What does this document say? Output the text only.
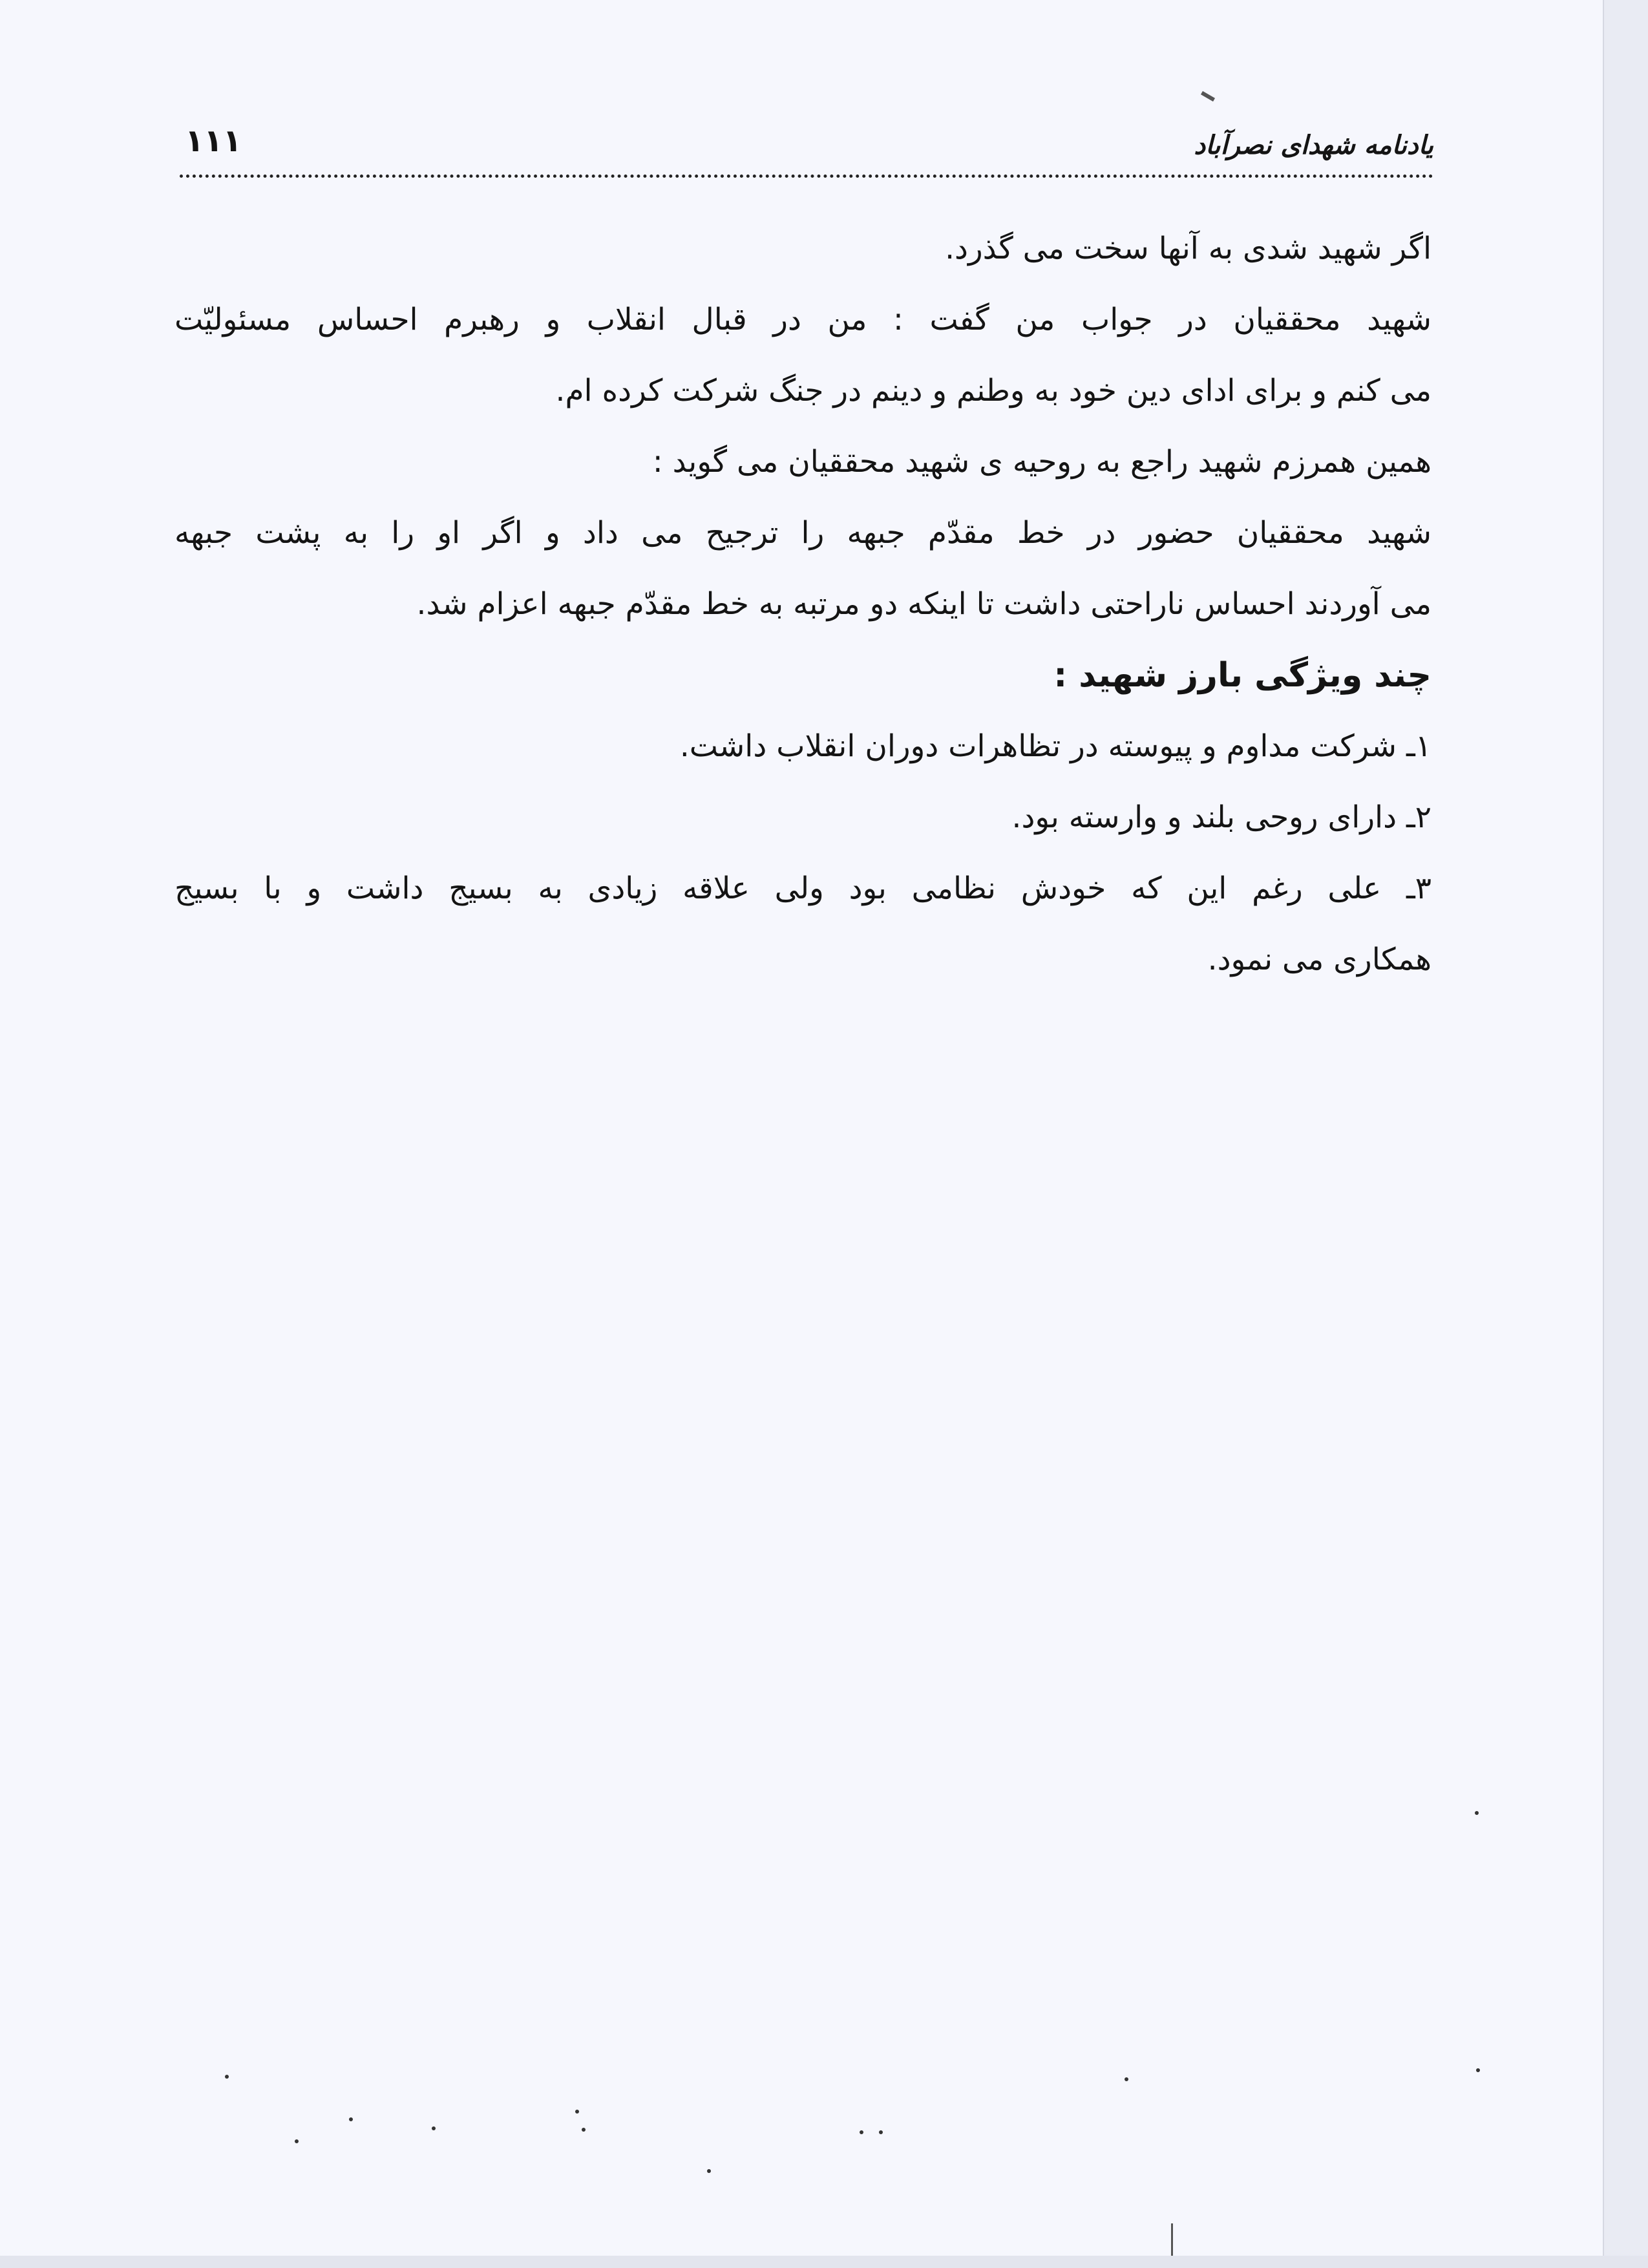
یادنامه شهدای نصرآباد
۱۱۱

اگر شهید شدی به آنها سخت می گذرد.

شهید محققیان در جواب من گفت : من در قبال انقلاب و رهبرم احساس مسئولیّت

می کنم و برای ادای دین خود به وطنم و دینم در جنگ شرکت کرده ام.

همین همرزم شهید راجع به روحیه ی شهید محققیان می گوید :

شهید محققیان حضور در خط مقدّم جبهه را ترجیح می داد و اگر او را به پشت جبهه

می آوردند احساس ناراحتی داشت تا اینکه دو مرتبه به خط مقدّم جبهه اعزام شد.

چند ویژگی بارز شهید :

۱ـ شرکت مداوم و پیوسته در تظاهرات دوران انقلاب داشت.

۲ـ دارای روحی بلند و وارسته بود.

۳ـ علی رغم این که خودش نظامی بود ولی علاقه زیادی به بسیج داشت و با بسیج

همکاری می نمود.
